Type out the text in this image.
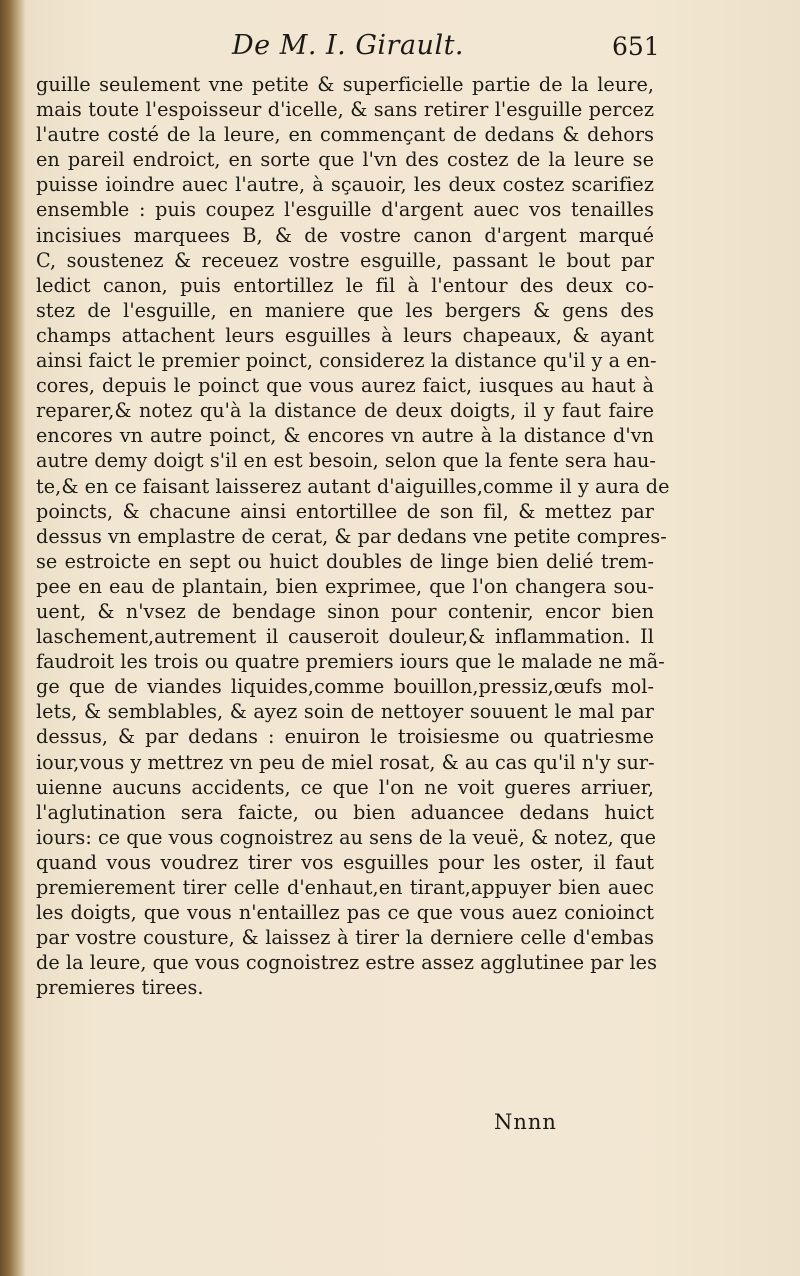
De M. I. Girault.	651
guille seulement vne petite & superficielle partie de la leure,
mais toute l'espoisseur d'icelle, & sans retirer l'esguille percez
l'autre costé de la leure, en commençant de dedans & dehors
en pareil endroict, en sorte que l'vn des costez de la leure se
puisse ioindre auec l'autre, à sçauoir, les deux costez scarifiez
ensemble : puis coupez l'esguille d'argent auec vos tenailles
incisiues marquees B, & de vostre canon d'argent marqué
C, soustenez & receuez vostre esguille, passant le bout par
ledict canon, puis entortillez le fil à l'entour des deux co-
stez de l'esguille, en maniere que les bergers & gens des
champs attachent leurs esguilles à leurs chapeaux, & ayant
ainsi faict le premier poinct, considerez la distance qu'il y a en-
cores, depuis le poinct que vous aurez faict, iusques au haut à
reparer,& notez qu'à la distance de deux doigts, il y faut faire
encores vn autre poinct, & encores vn autre à la distance d'vn
autre demy doigt s'il en est besoin, selon que la fente sera hau-
te,& en ce faisant laisserez autant d'aiguilles,comme il y aura de
poincts, & chacune ainsi entortillee de son fil, & mettez par
dessus vn emplastre de cerat, & par dedans vne petite compres-
se estroicte en sept ou huict doubles de linge bien delié trem-
pee en eau de plantain, bien exprimee, que l'on changera sou-
uent, & n'vsez de bendage sinon pour contenir, encor bien
laschement,autrement il causeroit douleur,& inflammation. Il
faudroit les trois ou quatre premiers iours que le malade ne mã-
ge que de viandes liquides,comme bouillon,pressiz,œufs mol-
lets, & semblables, & ayez soin de nettoyer souuent le mal par
dessus, & par dedans : enuiron le troisiesme ou quatriesme
iour,vous y mettrez vn peu de miel rosat, & au cas qu'il n'y sur-
uienne aucuns accidents, ce que l'on ne voit gueres arriuer,
l'aglutination sera faicte, ou bien aduancee dedans huict
iours: ce que vous cognoistrez au sens de la veuë, & notez, que
quand vous voudrez tirer vos esguilles pour les oster, il faut
premierement tirer celle d'enhaut,en tirant,appuyer bien auec
les doigts, que vous n'entaillez pas ce que vous auez conioinct
par vostre cousture, & laissez à tirer la derniere celle d'embas
de la leure, que vous cognoistrez estre assez agglutinee par les
premieres tirees.
Nnnn
